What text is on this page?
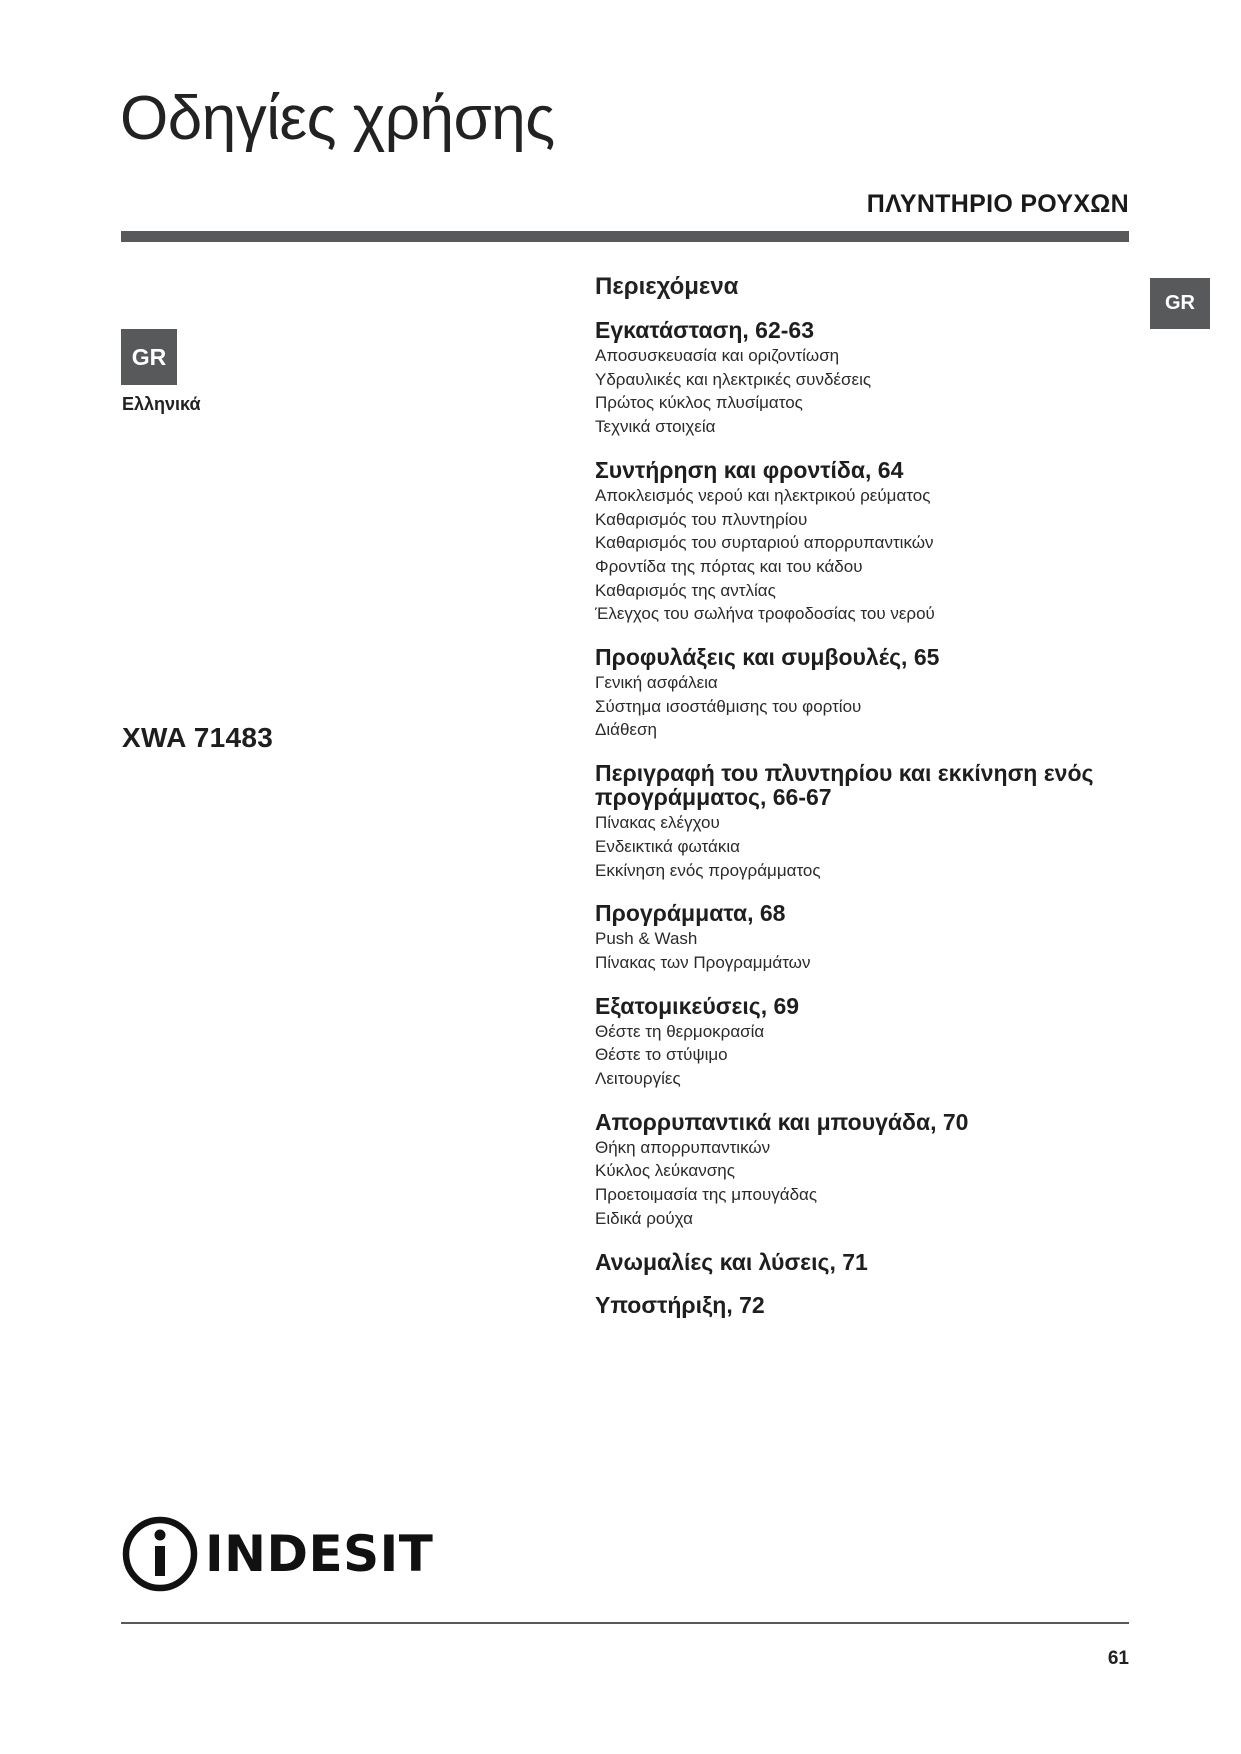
Οδηγίες χρήσης
ΠΛΥΝΤΗΡΙΟ ΡΟΥΧΩΝ
GR
GR
Ελληνικά
XWA 71483
Περιεχόμενα
Εγκατάσταση, 62-63
Αποσυσκευασία και οριζοντίωση
Υδραυλικές και ηλεκτρικές συνδέσεις
Πρώτος κύκλος πλυσίματος
Τεχνικά στοιχεία
Συντήρηση και φροντίδα, 64
Αποκλεισμός νερού και ηλεκτρικού ρεύματος
Καθαρισμός του πλυντηρίου
Καθαρισμός του συρταριού απορρυπαντικών
Φροντίδα της πόρτας και του κάδου
Καθαρισμός της αντλίας
Έλεγχος του σωλήνα τροφοδοσίας του νερού
Προφυλάξεις και συμβουλές, 65
Γενική ασφάλεια
Σύστημα ισοστάθμισης του φορτίου
Διάθεση
Περιγραφή του πλυντηρίου και εκκίνηση ενός προγράμματος, 66-67
Πίνακας ελέγχου
Ενδεικτικά φωτάκια
Εκκίνηση ενός προγράμματος
Προγράμματα, 68
Push & Wash
Πίνακας των Προγραμμάτων
Εξατομικεύσεις, 69
Θέστε τη θερμοκρασία
Θέστε το στύψιμο
Λειτουργίες
Απορρυπαντικά και μπουγάδα, 70
Θήκη απορρυπαντικών
Κύκλος λεύκανσης
Προετοιμασία της μπουγάδας
Ειδικά ρούχα
Ανωμαλίες και λύσεις, 71
Υποστήριξη, 72
INDESIT
61
